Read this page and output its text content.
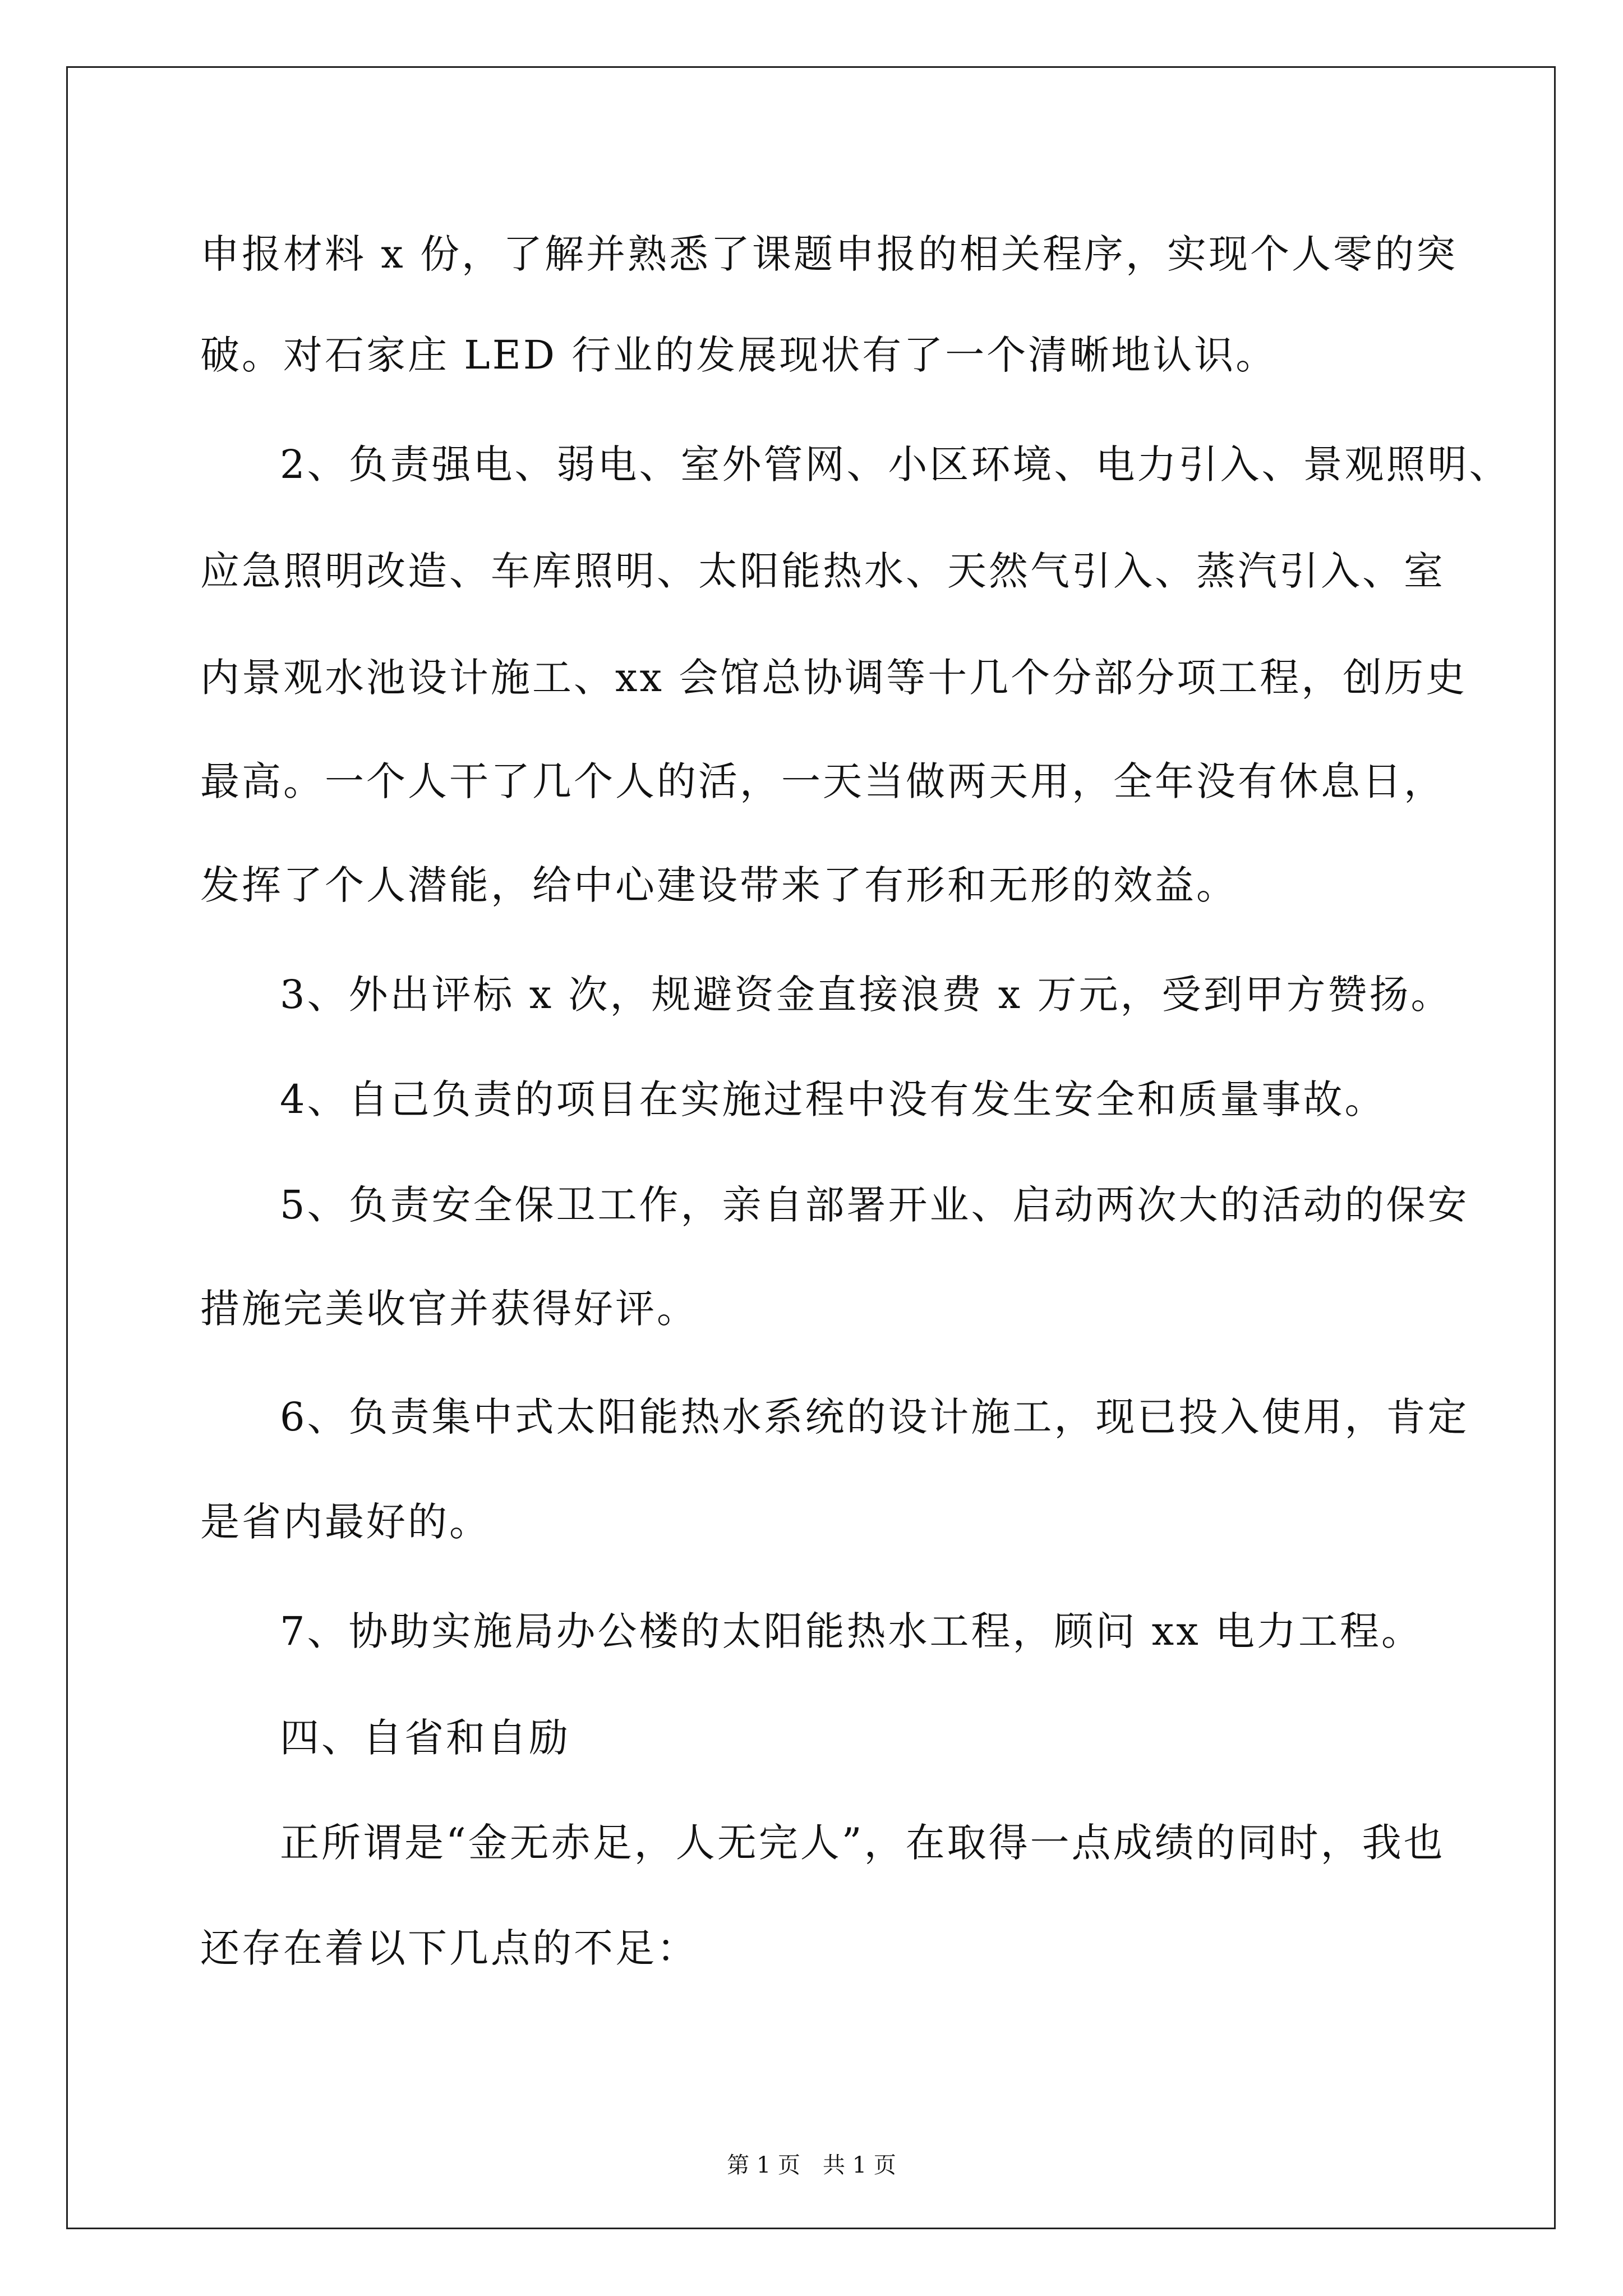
申报材料 x 份，了解并熟悉了课题申报的相关程序，实现个人零的突
破。对石家庄 LED 行业的发展现状有了一个清晰地认识。
2、负责强电、弱电、室外管网、小区环境、电力引入、景观照明、
应急照明改造、车库照明、太阳能热水、天然气引入、蒸汽引入、室
内景观水池设计施工、xx 会馆总协调等十几个分部分项工程，创历史
最高。一个人干了几个人的活，一天当做两天用，全年没有休息日，
发挥了个人潜能，给中心建设带来了有形和无形的效益。
3、外出评标 x 次，规避资金直接浪费 x 万元，受到甲方赞扬。
4、自己负责的项目在实施过程中没有发生安全和质量事故。
5、负责安全保卫工作，亲自部署开业、启动两次大的活动的保安
措施完美收官并获得好评。
6、负责集中式太阳能热水系统的设计施工，现已投入使用，肯定
是省内最好的。
7、协助实施局办公楼的太阳能热水工程，顾问 xx 电力工程。
四、自省和自励
正所谓是“金无赤足，人无完人”，在取得一点成绩的同时，我也
还存在着以下几点的不足：
第 1 页　共 1 页
